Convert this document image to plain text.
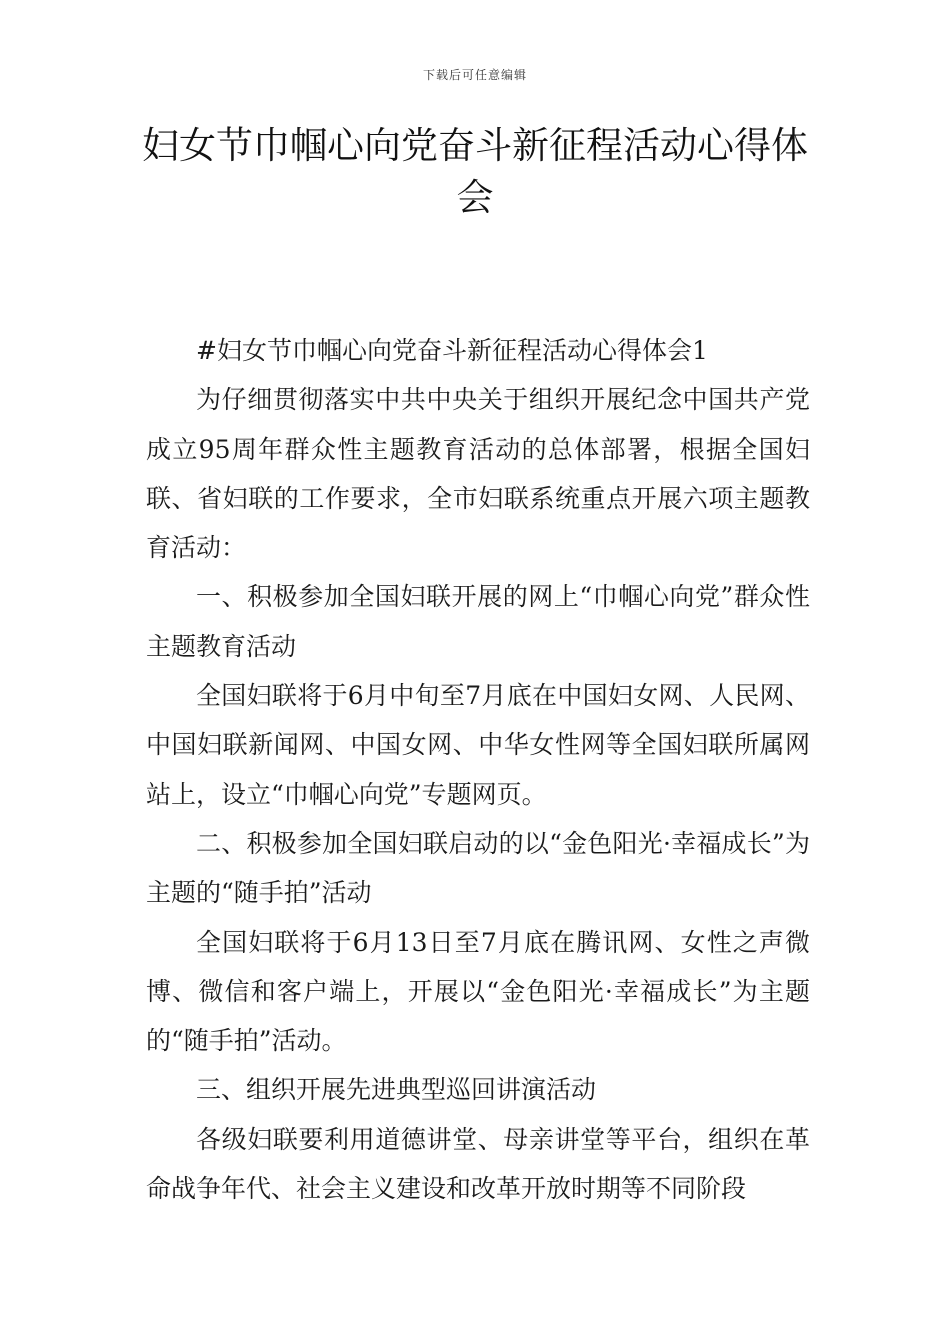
下载后可任意编辑
妇女节巾帼心向党奋斗新征程活动心得体会

#妇女节巾帼心向党奋斗新征程活动心得体会1

为仔细贯彻落实中共中央关于组织开展纪念中国共产党成立95周年群众性主题教育活动的总体部署，根据全国妇联、省妇联的工作要求，全市妇联系统重点开展六项主题教育活动：

一、积极参加全国妇联开展的网上“巾帼心向党”群众性主题教育活动

全国妇联将于6月中旬至7月底在中国妇女网、人民网、中国妇联新闻网、中国女网、中华女性网等全国妇联所属网站上，设立“巾帼心向党”专题网页。

二、积极参加全国妇联启动的以“金色阳光·幸福成长”为主题的“随手拍”活动

全国妇联将于6月13日至7月底在腾讯网、女性之声微博、微信和客户端上，开展以“金色阳光·幸福成长”为主题的“随手拍”活动。

三、组织开展先进典型巡回讲演活动

各级妇联要利用道德讲堂、母亲讲堂等平台，组织在革命战争年代、社会主义建设和改革开放时期等不同阶段
